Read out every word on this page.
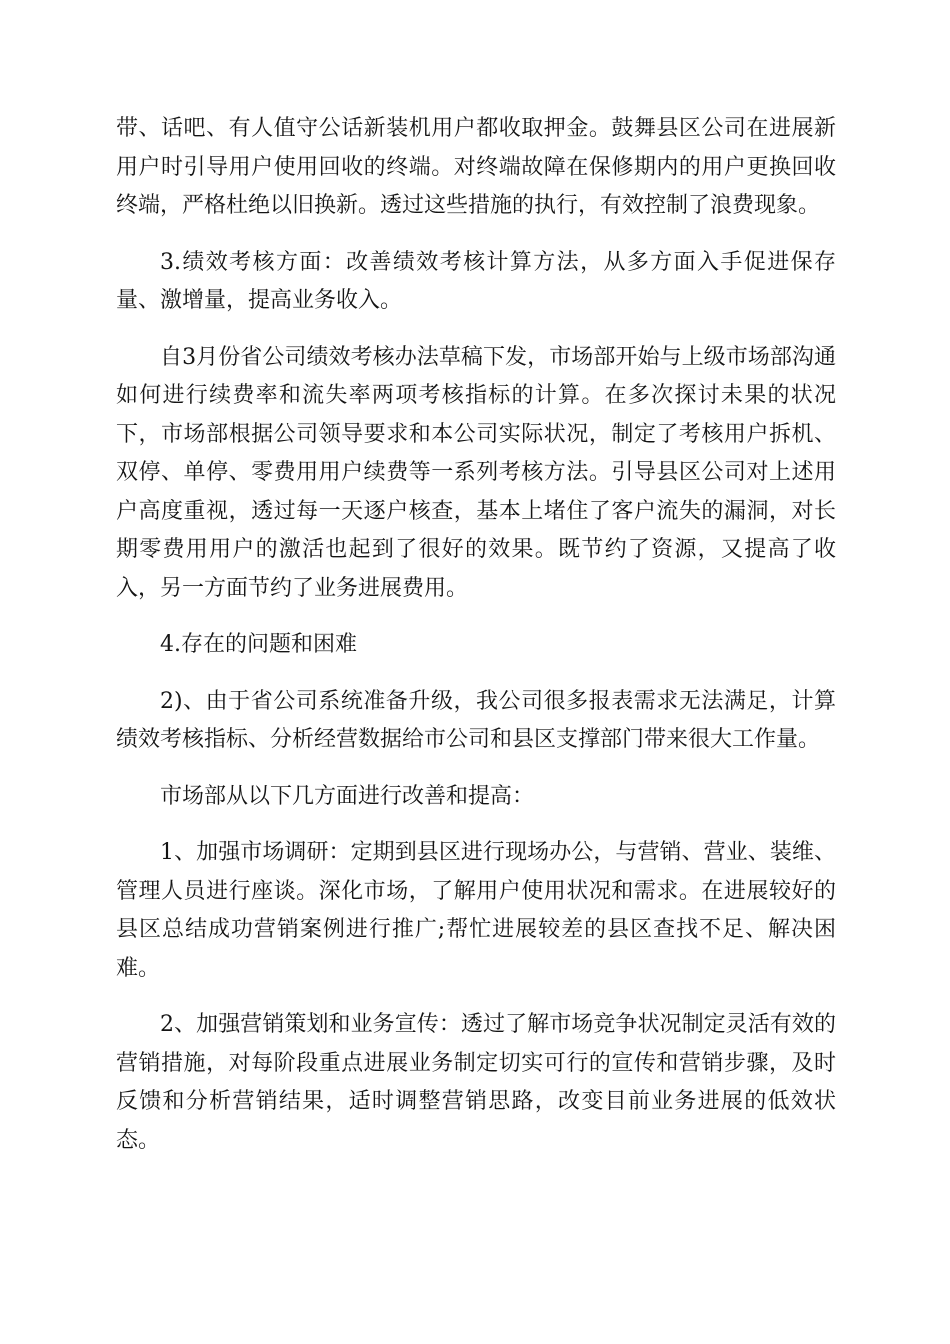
带、话吧、有人值守公话新装机用户都收取押金。鼓舞县区公司在进展新用户时引导用户使用回收的终端。对终端故障在保修期内的用户更换回收终端，严格杜绝以旧换新。透过这些措施的执行，有效控制了浪费现象。

3.绩效考核方面：改善绩效考核计算方法，从多方面入手促进保存量、激增量，提高业务收入。

自3月份省公司绩效考核办法草稿下发，市场部开始与上级市场部沟通如何进行续费率和流失率两项考核指标的计算。在多次探讨未果的状况下，市场部根据公司领导要求和本公司实际状况，制定了考核用户拆机、双停、单停、零费用用户续费等一系列考核方法。引导县区公司对上述用户高度重视，透过每一天逐户核查，基本上堵住了客户流失的漏洞，对长期零费用用户的激活也起到了很好的效果。既节约了资源，又提高了收入，另一方面节约了业务进展费用。

4.存在的问题和困难

2)、由于省公司系统准备升级，我公司很多报表需求无法满足，计算绩效考核指标、分析经营数据给市公司和县区支撑部门带来很大工作量。

市场部从以下几方面进行改善和提高：

1、加强市场调研：定期到县区进行现场办公，与营销、营业、装维、管理人员进行座谈。深化市场，了解用户使用状况和需求。在进展较好的县区总结成功营销案例进行推广;帮忙进展较差的县区查找不足、解决困难。

2、加强营销策划和业务宣传：透过了解市场竞争状况制定灵活有效的营销措施，对每阶段重点进展业务制定切实可行的宣传和营销步骤，及时反馈和分析营销结果，适时调整营销思路，改变目前业务进展的低效状态。
